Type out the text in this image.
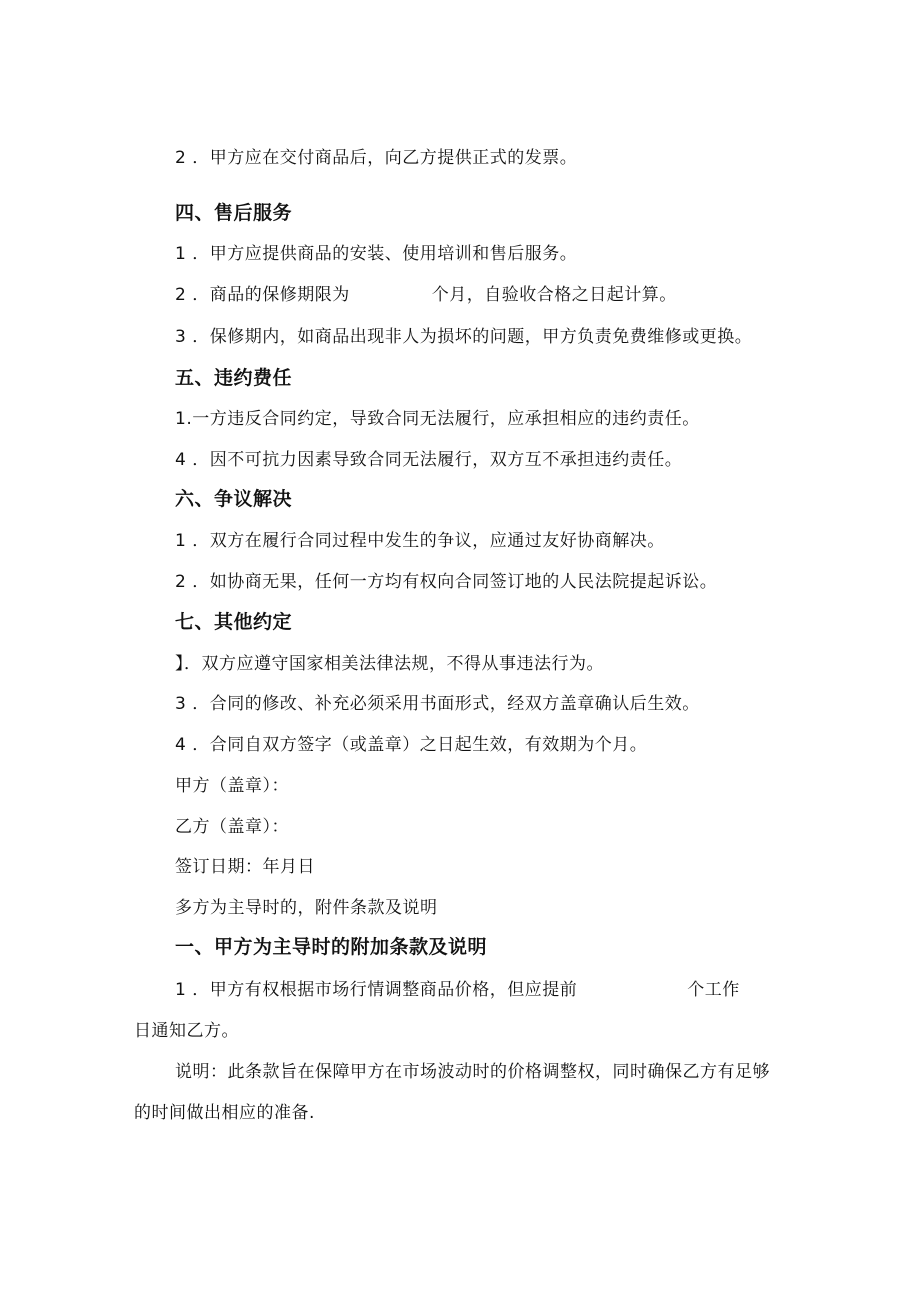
2 ．甲方应在交付商品后，向乙方提供正式的发票。
四、售后服务
1 ．甲方应提供商品的安装、使用培训和售后服务。
2 ．商品的保修期限为	个月，自验收合格之日起计算。
3 ．保修期内，如商品出现非人为损坏的问题，甲方负责免费维修或更换。
五、违约费任
1.一方违反合同约定，导致合同无法履行，应承担相应的违约责任。
4 ．因不可抗力因素导致合同无法履行，双方互不承担违约责任。
六、争议解决
1 ．双方在履行合同过程中发生的争议，应通过友好协商解决。
2 ．如协商无果，任何一方均有权向合同签订地的人民法院提起诉讼。
七、其他约定
】．双方应遵守国家相美法律法规，不得从事违法行为。
3 ．合同的修改、补充必须采用书面形式，经双方盖章确认后生效。
4 ．合同自双方签字（或盖章）之日起生效，有效期为个月。
甲方（盖章）：
乙方（盖章）：
签订日期：年月日
多方为主导时的，附件条款及说明
一、甲方为主导时的附加条款及说明
1 ．甲方有权根据市场行情调整商品价格，但应提前	个工作
日通知乙方。
说明：此条款旨在保障甲方在市场波动时的价格调整权，同时确保乙方有足够
的时间做出相应的准备.
